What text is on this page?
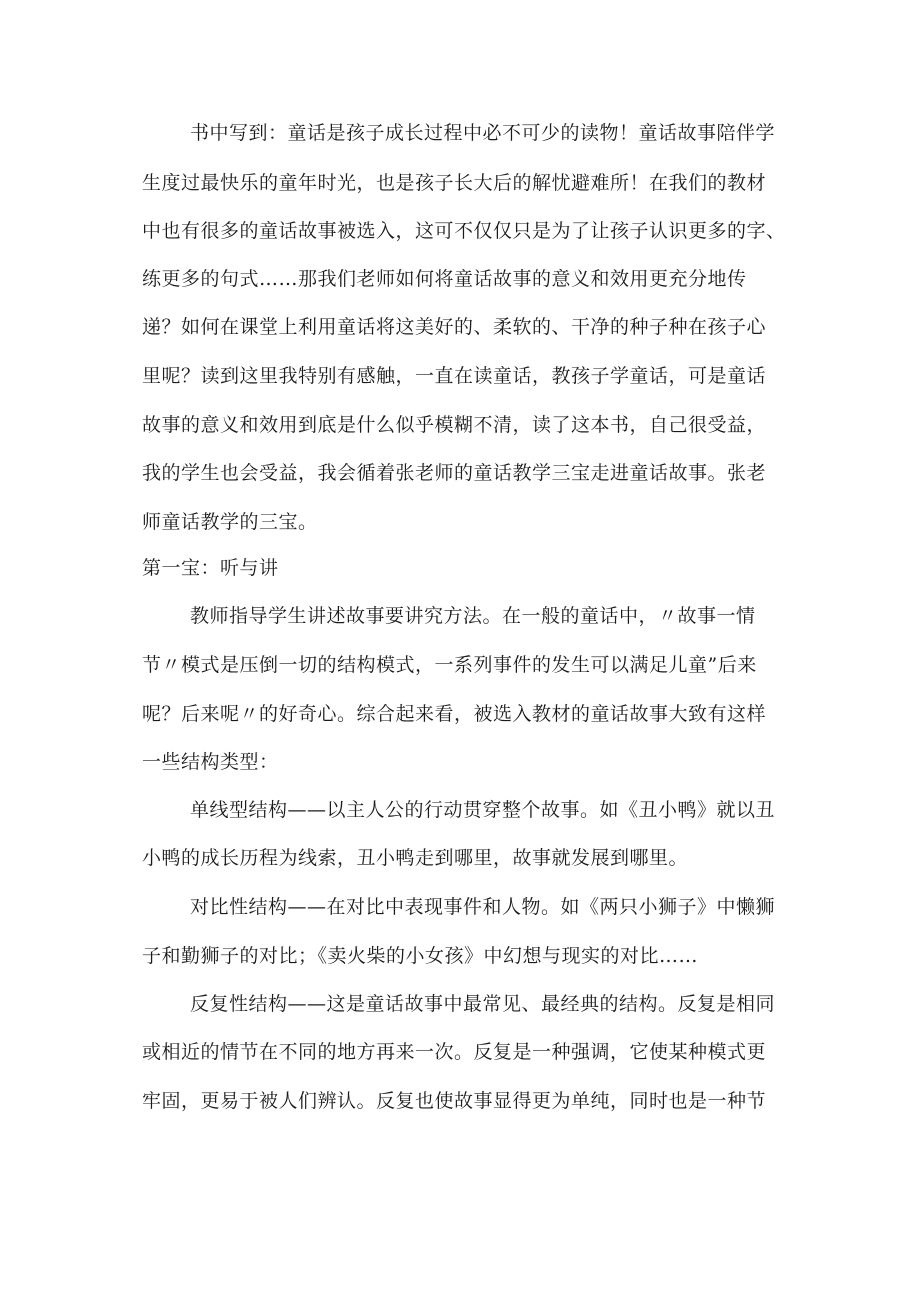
书中写到：童话是孩子成长过程中必不可少的读物！童话故事陪伴学
生度过最快乐的童年时光，也是孩子长大后的解忧避难所！在我们的教材
中也有很多的童话故事被选入，这可不仅仅只是为了让孩子认识更多的字、
练更多的句式……那我们老师如何将童话故事的意义和效用更充分地传
递？如何在课堂上利用童话将这美好的、柔软的、干净的种子种在孩子心
里呢？读到这里我特别有感触，一直在读童话，教孩子学童话，可是童话
故事的意义和效用到底是什么似乎模糊不清，读了这本书，自己很受益，
我的学生也会受益，我会循着张老师的童话教学三宝走进童话故事。张老
师童话教学的三宝。
第一宝：听与讲
教师指导学生讲述故事要讲究方法。在一般的童话中，〃故事一情
节〃模式是压倒一切的结构模式，一系列事件的发生可以满足儿童”后来
呢？后来呢〃的好奇心。综合起来看，被选入教材的童话故事大致有这样
一些结构类型：
单线型结构——以主人公的行动贯穿整个故事。如《丑小鸭》就以丑
小鸭的成长历程为线索，丑小鸭走到哪里，故事就发展到哪里。
对比性结构——在对比中表现事件和人物。如《两只小狮子》中懒狮
子和勤狮子的对比；《卖火柴的小女孩》中幻想与现实的对比……
反复性结构——这是童话故事中最常见、最经典的结构。反复是相同
或相近的情节在不同的地方再来一次。反复是一种强调，它使某种模式更
牢固，更易于被人们辨认。反复也使故事显得更为单纯，同时也是一种节
